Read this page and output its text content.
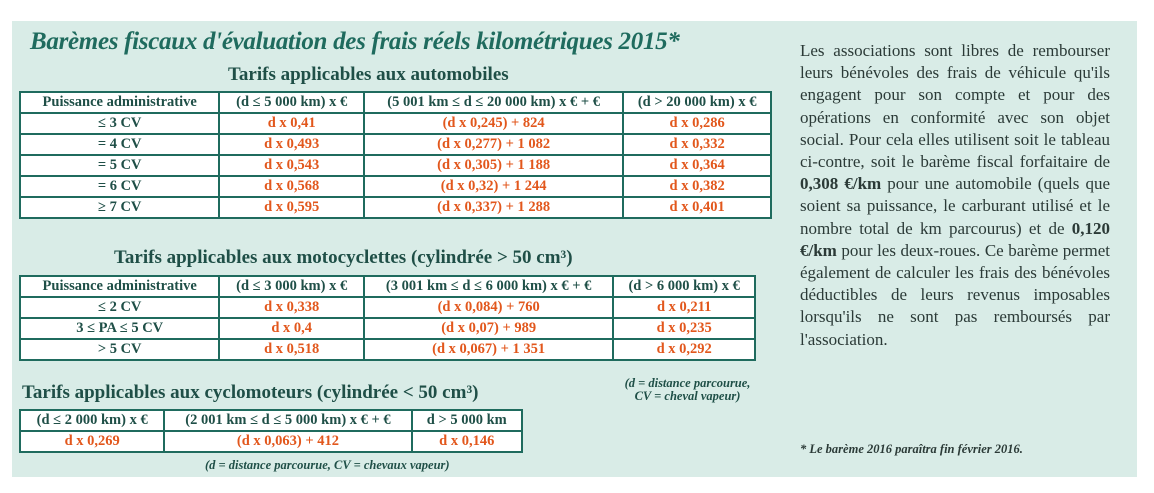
Barèmes fiscaux d'évaluation des frais réels kilométriques 2015*
Tarifs applicables aux automobiles
Puissance administrative	(d ≤ 5 000 km) x €	(5 001 km ≤ d ≤ 20 000 km) x € + €	(d > 20 000 km) x €
≤ 3 CV	d x 0,41	(d x 0,245) + 824	d x 0,286
= 4 CV	d x 0,493	(d x 0,277) + 1 082	d x 0,332
= 5 CV	d x 0,543	(d x 0,305) + 1 188	d x 0,364
= 6 CV	d x 0,568	(d x 0,32) + 1 244	d x 0,382
≥ 7 CV	d x 0,595	(d x 0,337) + 1 288	d x 0,401
Tarifs applicables aux motocyclettes (cylindrée > 50 cm³)
Puissance administrative	(d ≤ 3 000 km) x €	(3 001 km ≤ d ≤ 6 000 km) x € + €	(d > 6 000 km) x €
≤ 2 CV	d x 0,338	(d x 0,084) + 760	d x 0,211
3 ≤ PA ≤ 5 CV	d x 0,4	(d x 0,07) + 989	d x 0,235
> 5 CV	d x 0,518	(d x 0,067) + 1 351	d x 0,292
(d = distance parcourue,
CV = cheval vapeur)
Tarifs applicables aux cyclomoteurs (cylindrée < 50 cm³)
(d ≤ 2 000 km) x €	(2 001 km ≤ d ≤ 5 000 km) x € + €	d > 5 000 km
d x 0,269	(d x 0,063) + 412	d x 0,146
(d = distance parcourue, CV = chevaux vapeur)
Les associations sont libres de rembourser leurs bénévoles des frais de véhicule qu'ils engagent pour son compte et pour des opérations en conformité avec son objet social. Pour cela elles utilisent soit le tableau ci-contre, soit le barème fiscal forfaitaire de 0,308 €/km pour une automobile (quels que soient sa puissance, le carburant utilisé et le nombre total de km parcourus) et de 0,120 €/km pour les deux-roues. Ce barème permet également de calculer les frais des bénévoles déductibles de leurs revenus imposables lorsqu'ils ne sont pas remboursés par l'association.
* Le barème 2016 paraîtra fin février 2016.
